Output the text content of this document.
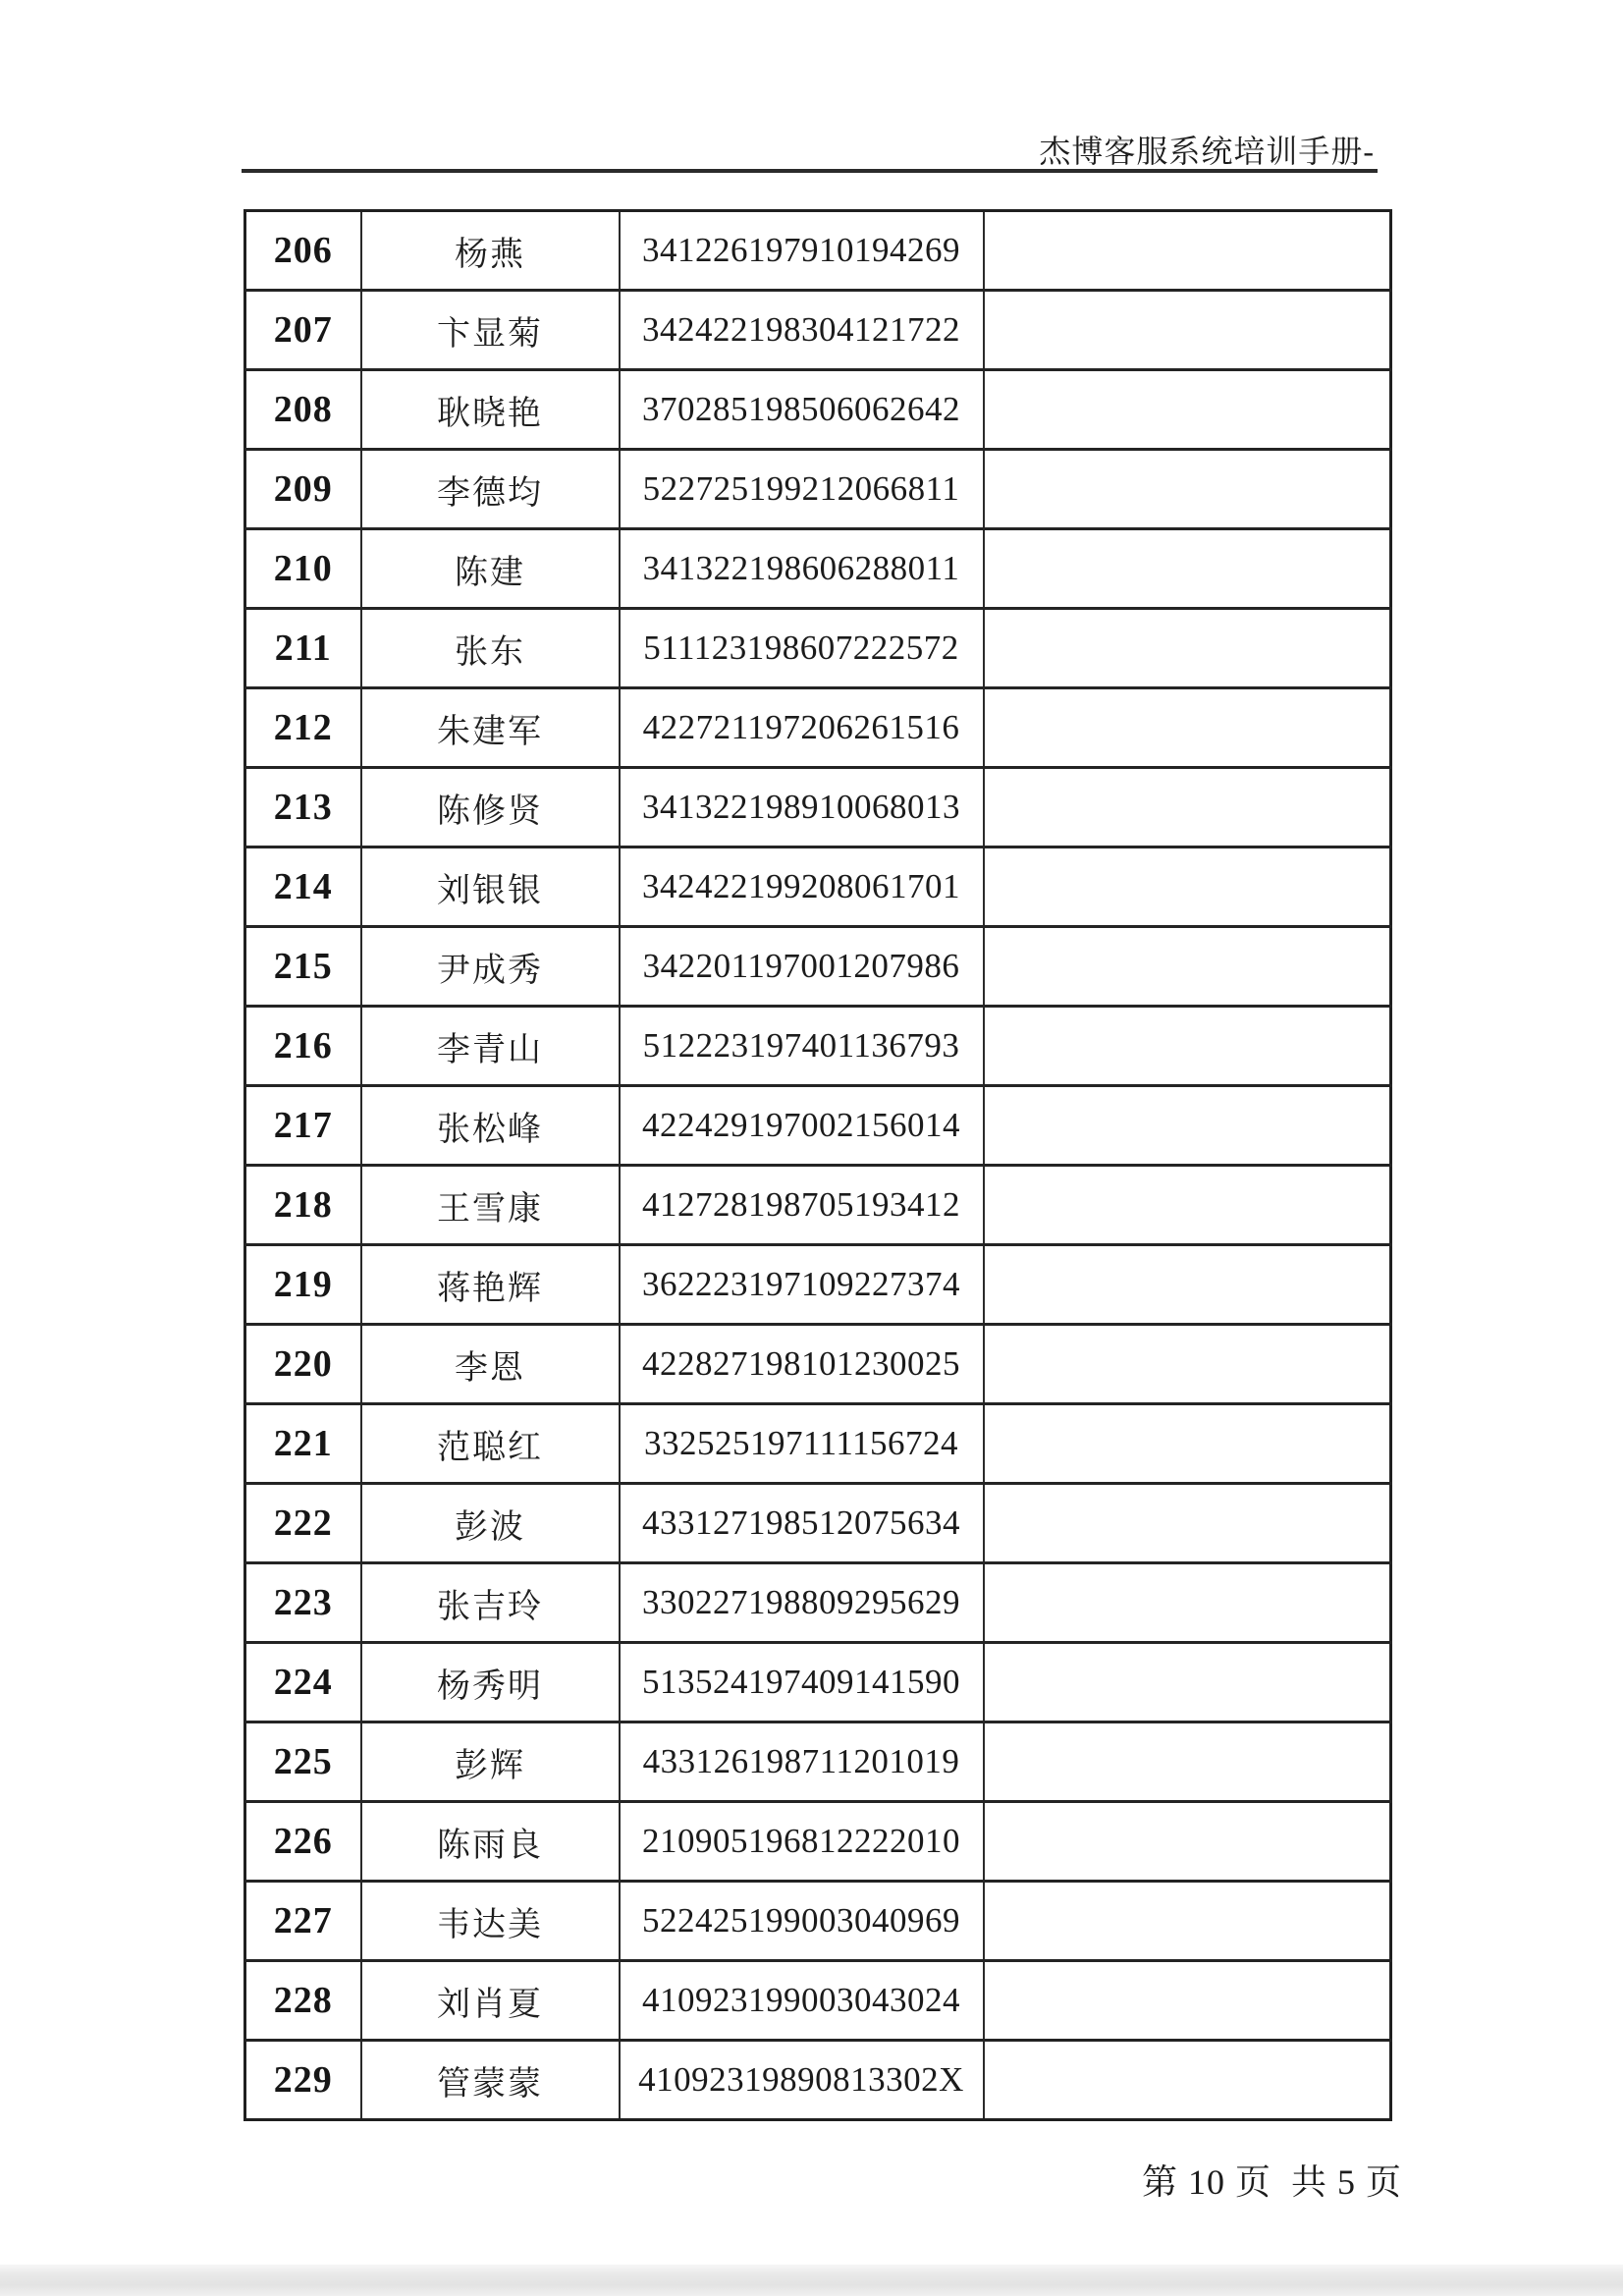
杰博客服系统培训手册-
206	杨燕	341226197910194269	
207	卞显菊	342422198304121722	
208	耿晓艳	370285198506062642	
209	李德均	522725199212066811	
210	陈建	341322198606288011	
211	张东	511123198607222572	
212	朱建军	422721197206261516	
213	陈修贤	341322198910068013	
214	刘银银	342422199208061701	
215	尹成秀	342201197001207986	
216	李青山	512223197401136793	
217	张松峰	422429197002156014	
218	王雪康	412728198705193412	
219	蒋艳辉	362223197109227374	
220	李恩	422827198101230025	
221	范聪红	332525197111156724	
222	彭波	433127198512075634	
223	张吉玲	330227198809295629	
224	杨秀明	513524197409141590	
225	彭辉	433126198711201019	
226	陈雨良	210905196812222010	
227	韦达美	522425199003040969	
228	刘肖夏	410923199003043024	
229	管蒙蒙	41092319890813302X	
第 10 页  共 5 页
